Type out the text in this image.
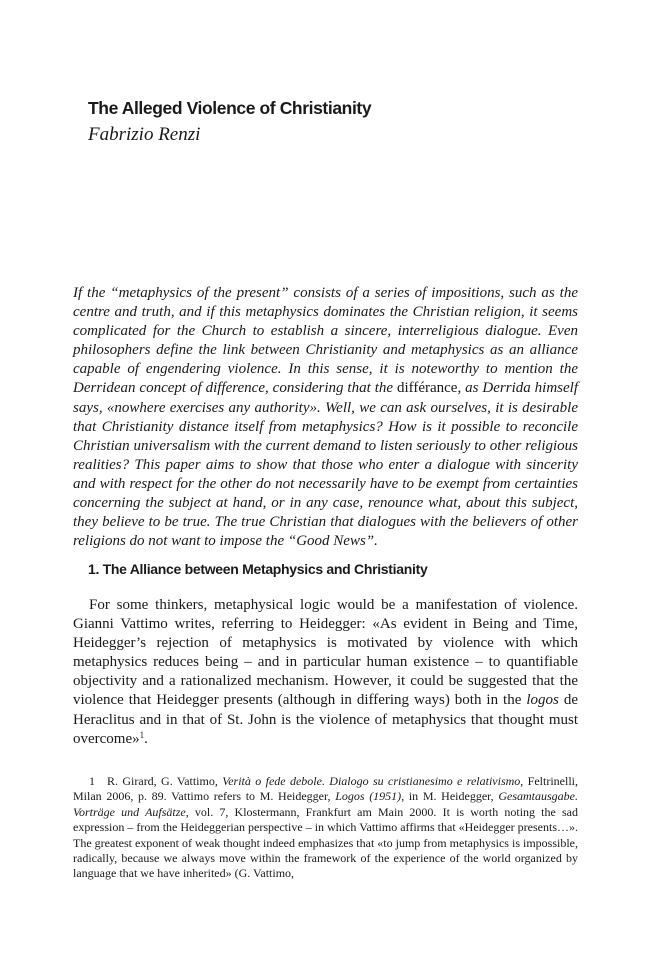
The Alleged Violence of Christianity
Fabrizio Renzi

If the “metaphysics of the present” consists of a series of impositions, such as the centre and truth, and if this metaphysics dominates the Christian religion, it seems complicated for the Church to establish a sincere, interreligious dialogue. Even philosophers define the link between Christianity and metaphysics as an alliance capable of engendering violence. In this sense, it is noteworthy to mention the Derridean concept of difference, considering that the différance, as Derrida himself says, «nowhere exercises any authority». Well, we can ask ourselves, it is desirable that Christianity distance itself from metaphysics? How is it possible to reconcile Christian universalism with the current demand to listen seriously to other religious realities? This paper aims to show that those who enter a dialogue with sincerity and with respect for the other do not necessarily have to be exempt from certainties concerning the subject at hand, or in any case, renounce what, about this subject, they believe to be true. The true Christian that dialogues with the believers of other religions do not want to impose the “Good News”.

1. The Alliance between Metaphysics and Christianity

For some thinkers, metaphysical logic would be a manifestation of violence. Gianni Vattimo writes, referring to Heidegger: «As evident in Being and Time, Heidegger’s rejection of metaphysics is motivated by violence with which metaphysics reduces being – and in particular human existence – to quantifiable objectivity and a rationalized mechanism. However, it could be suggested that the violence that Heidegger presents (although in differing ways) both in the logos de Heraclitus and in that of St. John is the violence of metaphysics that thought must overcome»$^1$.

1 R. Girard, G. Vattimo, Verità o fede debole. Dialogo su cristianesimo e relativismo, Feltrinelli, Milan 2006, p. 89. Vattimo refers to M. Heidegger, Logos (1951), in M. Heidegger, Gesamtausgabe. Vorträge und Aufsätze, vol. 7, Klostermann, Frankfurt am Main 2000. It is worth noting the sad expression – from the Heideggerian perspective – in which Vattimo affirms that «Heidegger presents…». The greatest exponent of weak thought indeed emphasizes that «to jump from metaphysics is impossible, radically, because we always move within the framework of the experience of the world organized by language that we have inherited» (G. Vattimo,
